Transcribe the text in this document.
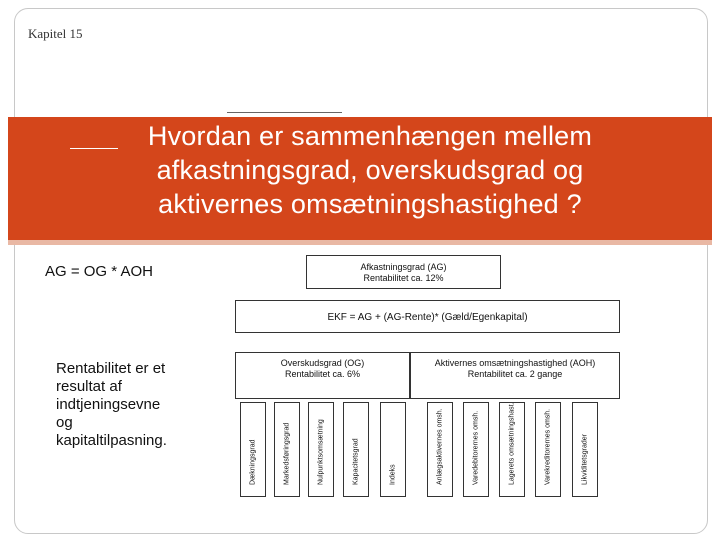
Kapitel 15
Hvordan er sammenhængen mellem
afkastningsgrad, overskudsgrad og
aktivernes omsætningshastighed ?
AG = OG * AOH	Afkastningsgrad (AG)
Rentabilitet ca. 12%
EKF = AG + (AG-Rente)* (Gæld/Egenkapital)
Overskudsgrad (OG)
Rentabilitet ca. 6%
Aktivernes omsætningshastighed (AOH)
Rentabilitet ca. 2 gange
Rentabilitet er et
resultat af
indtjeningsevne
og
kapitaltilpasning.	Dækningsgrad	Markedsføringsgrad	Nulpunktsomsætning	Kapacitetsgrad	Indeks	Anlægsaktivernes omsh.	Varedebitorernes omsh.	Lagerets omsætningshast.	Varekreditorernes omsh.	Likviditetsgrader
